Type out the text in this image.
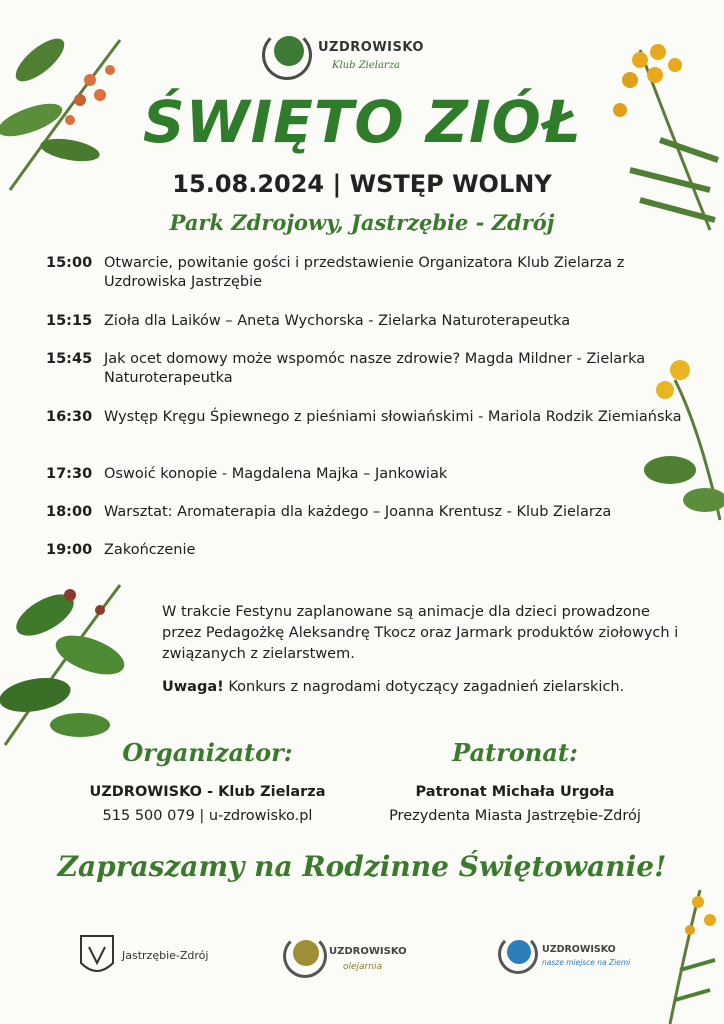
UZDROWISKO
Klub Zielarza
ŚWIĘTO ZIÓŁ
15.08.2024 | WSTĘP WOLNY
Park Zdrojowy, Jastrzębie - Zdrój
15:00 Otwarcie, powitanie gości i przedstawienie Organizatora Klub Zielarza z Uzdrowiska Jastrzębie
15:15 Zioła dla Laików – Aneta Wychorska - Zielarka Naturoterapeutka
15:45 Jak ocet domowy może wspomóc nasze zdrowie? Magda Mildner - Zielarka Naturoterapeutka
16:30 Występ Kręgu Śpiewnego z pieśniami słowiańskimi - Mariola Rodzik Ziemiańska
17:30 Oswoić konopie - Magdalena Majka – Jankowiak
18:00 Warsztat: Aromaterapia dla każdego – Joanna Krentusz - Klub Zielarza
19:00 Zakończenie

W trakcie Festynu zaplanowane są animacje dla dzieci prowadzone przez Pedagożkę Aleksandrę Tkocz oraz Jarmark produktów ziołowych i związanych z zielarstwem.

Uwaga! Konkurs z nagrodami dotyczący zagadnień zielarskich.

Organizator:
UZDROWISKO - Klub Zielarza
515 500 079 | u-zdrowisko.pl
Patronat:
Patronat Michała Urgoła
Prezydenta Miasta Jastrzębie-Zdrój
Zapraszamy na Rodzinne Świętowanie!
Jastrzębie-Zdrój	UZDROWISKO
olejarnia
UZDROWISKO
nasze miejsce na Ziemi
